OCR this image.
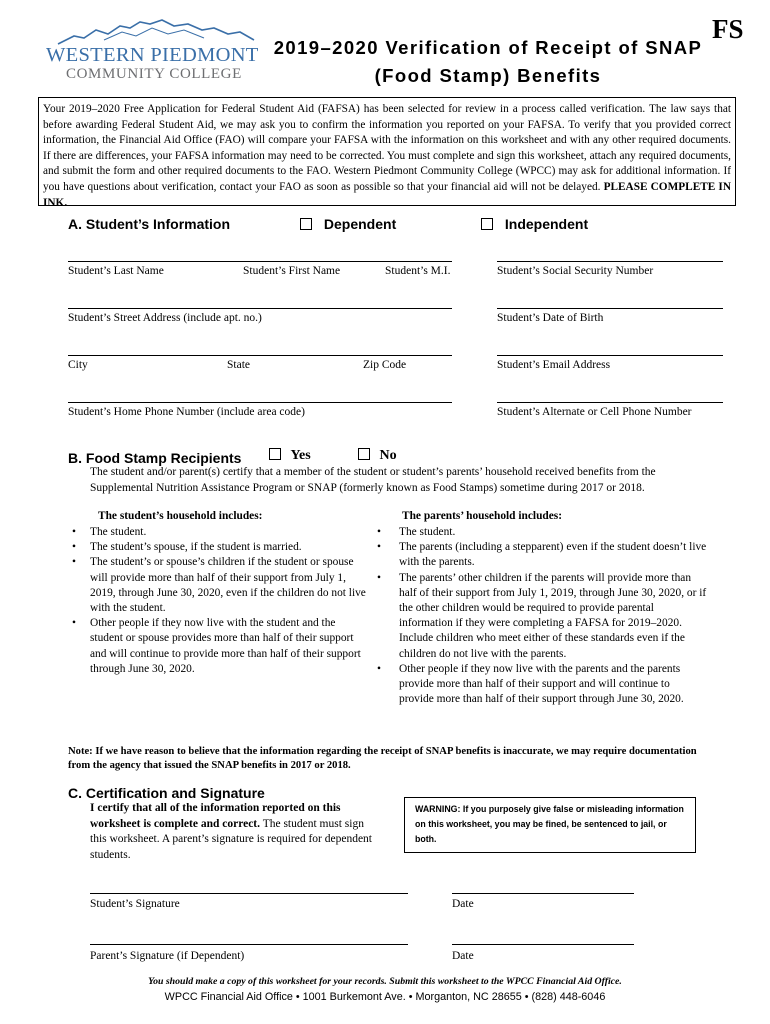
WESTERN PIEDMONT
COMMUNITY COLLEGE
2019–2020 Verification of Receipt of SNAP
(Food Stamp) Benefits
FS
Your 2019–2020 Free Application for Federal Student Aid (FAFSA) has been selected for review in a process called verification. The law says that before awarding Federal Student Aid, we may ask you to confirm the information you reported on your FAFSA. To verify that you provided correct information, the Financial Aid Office (FAO) will compare your FAFSA with the information on this worksheet and with any other required documents. If there are differences, your FAFSA information may need to be corrected. You must complete and sign this worksheet, attach any required documents, and submit the form and other required documents to the FAO. Western Piedmont Community College (WPCC) may ask for additional information. If you have questions about verification, contact your FAO as soon as possible so that your financial aid will not be delayed. PLEASE COMPLETE IN INK.
A. Student’s Information	Dependent	Independent
Student’s Last Name	Student’s First Name	Student’s M.I.	Student’s Social Security Number
Student’s Street Address (include apt. no.)	Student’s Date of Birth
City	State	Zip Code	Student’s Email Address
Student’s Home Phone Number (include area code)	Student’s Alternate or Cell Phone Number
B. Food Stamp Recipients	Yes	No
The student and/or parent(s) certify that a member of the student or student’s parents’ household received benefits from the Supplemental Nutrition Assistance Program or SNAP (formerly known as Food Stamps) sometime during 2017 or 2018.
The student’s household includes:
• The student.
• The student’s spouse, if the student is married.
• The student’s or spouse’s children if the student or spouse will provide more than half of their support from July 1, 2019, through June 30, 2020, even if the children do not live with the student.
• Other people if they now live with the student and the student or spouse provides more than half of their support and will continue to provide more than half of their support through June 30, 2020.
The parents’ household includes:
• The student.
• The parents (including a stepparent) even if the student doesn’t live with the parents.
• The parents’ other children if the parents will provide more than half of their support from July 1, 2019, through June 30, 2020, or if the other children would be required to provide parental information if they were completing a FAFSA for 2019–2020. Include children who meet either of these standards even if the children do not live with the parents.
• Other people if they now live with the parents and the parents provide more than half of their support and will continue to provide more than half of their support through June 30, 2020.
Note: If we have reason to believe that the information regarding the receipt of SNAP benefits is inaccurate, we may require documentation from the agency that issued the SNAP benefits in 2017 or 2018.
C. Certification and Signature
I certify that all of the information reported on this worksheet is complete and correct. The student must sign this worksheet. A parent’s signature is required for dependent students.
WARNING: If you purposely give false or misleading information on this worksheet, you may be fined, be sentenced to jail, or both.
Student’s Signature	Date
Parent’s Signature (if Dependent)	Date
You should make a copy of this worksheet for your records. Submit this worksheet to the WPCC Financial Aid Office.
WPCC Financial Aid Office • 1001 Burkemont Ave. • Morganton, NC 28655 • (828) 448-6046
